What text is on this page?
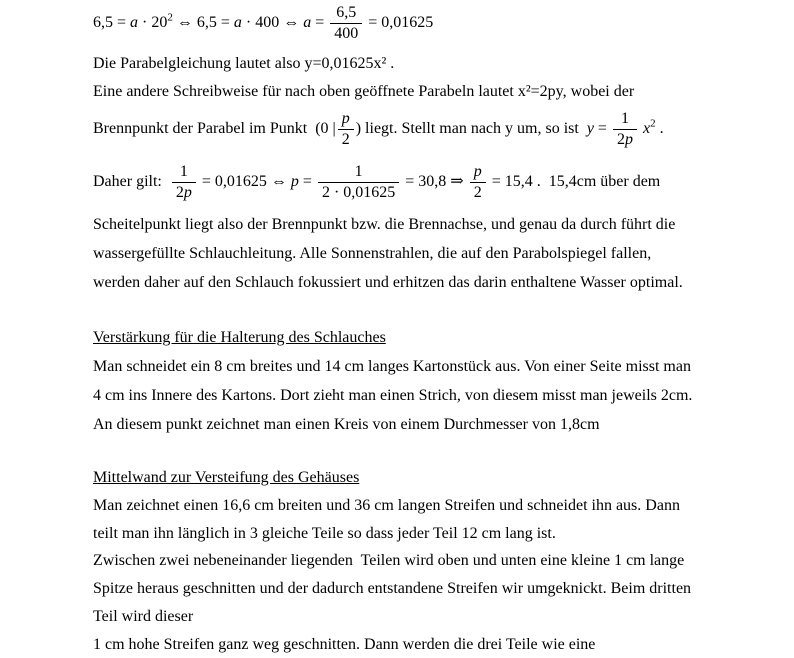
$6,5 = a \cdot 20^2$ ⇔ 6,5 = a · 400 ⇔ $a = \frac{6,5}{400} = 0,01625$
Die Parabelgleichung lautet also y=0,01625x² .
Eine andere Schreibweise für nach oben geöffnete Parabeln lautet x²=2py, wobei der
Brennpunkt der Parabel im Punkt  (0 | $\frac{p}{2}$ ) liegt. Stellt man nach y um, so ist  $y = \frac{1}{2p} x^2$ .
Daher gilt: $\frac{1}{2p} = 0,01625$ ⇔ $p = \frac{1}{2 \cdot 0,01625} = 30,8$ ⇒ $\frac{p}{2} = 15,4$ .  15,4cm über dem
Scheitelpunkt liegt also der Brennpunkt bzw. die Brennachse, und genau da durch führt die
wassergefüllte Schlauchleitung. Alle Sonnenstrahlen, die auf den Parabolspiegel fallen,
werden daher auf den Schlauch fokussiert und erhitzen das darin enthaltene Wasser optimal.
Verstärkung für die Halterung des Schlauches
Man schneidet ein 8 cm breites und 14 cm langes Kartonstück aus. Von einer Seite misst man
4 cm ins Innere des Kartons. Dort zieht man einen Strich, von diesem misst man jeweils 2cm.
An diesem punkt zeichnet man einen Kreis von einem Durchmesser von 1,8cm
Mittelwand zur Versteifung des Gehäuses
Man zeichnet einen 16,6 cm breiten und 36 cm langen Streifen und schneidet ihn aus. Dann
teilt man ihn länglich in 3 gleiche Teile so dass jeder Teil 12 cm lang ist.
Zwischen zwei nebeneinander liegenden  Teilen wird oben und unten eine kleine 1 cm lange
Spitze heraus geschnitten und der dadurch entstandene Streifen wir umgeknickt. Beim dritten
Teil wird dieser
1 cm hohe Streifen ganz weg geschnitten. Dann werden die drei Teile wie eine
